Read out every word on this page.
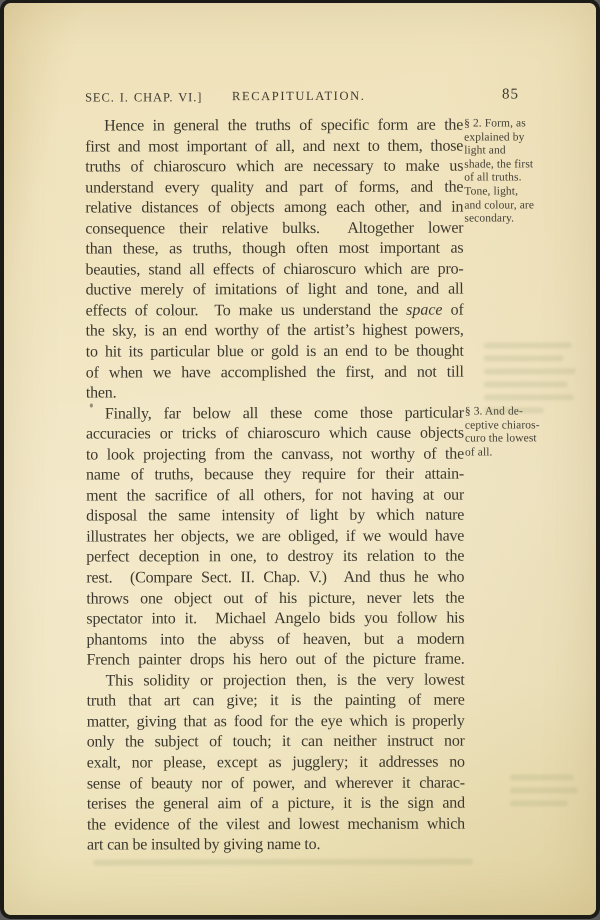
SEC. I. CHAP. VI.] RECAPITULATION.	85
Hence in general the truths of specific form are the
first and most important of all, and next to them, those
truths of chiaroscuro which are necessary to make us
understand every quality and part of forms, and the
relative distances of objects among each other, and in
consequence their relative bulks.  Altogether lower
than these, as truths, though often most important as
beauties, stand all effects of chiaroscuro which are pro-
ductive merely of imitations of light and tone, and all
effects of colour.  To make us understand the space of
the sky, is an end worthy of the artist’s highest powers,
to hit its particular blue or gold is an end to be thought
of when we have accomplished the first, and not till
then.
Finally, far below all these come those particular
accuracies or tricks of chiaroscuro which cause objects
to look projecting from the canvass, not worthy of the
name of truths, because they require for their attain-
ment the sacrifice of all others, for not having at our
disposal the same intensity of light by which nature
illustrates her objects, we are obliged, if we would have
perfect deception in one, to destroy its relation to the
rest.  (Compare Sect. II. Chap. V.)  And thus he who
throws one object out of his picture, never lets the
spectator into it.  Michael Angelo bids you follow his
phantoms into the abyss of heaven, but a modern
French painter drops his hero out of the picture frame.
This solidity or projection then, is the very lowest
truth that art can give; it is the painting of mere
matter, giving that as food for the eye which is properly
only the subject of touch; it can neither instruct nor
exalt, nor please, except as jugglery; it addresses no
sense of beauty nor of power, and wherever it charac-
terises the general aim of a picture, it is the sign and
the evidence of the vilest and lowest mechanism which
art can be insulted by giving name to.
§ 2. Form, as
explained by
light and
shade, the first
of all truths.
Tone, light,
and colour, are
secondary.
§ 3. And de-
ceptive chiaros-
curo the lowest
of all.
